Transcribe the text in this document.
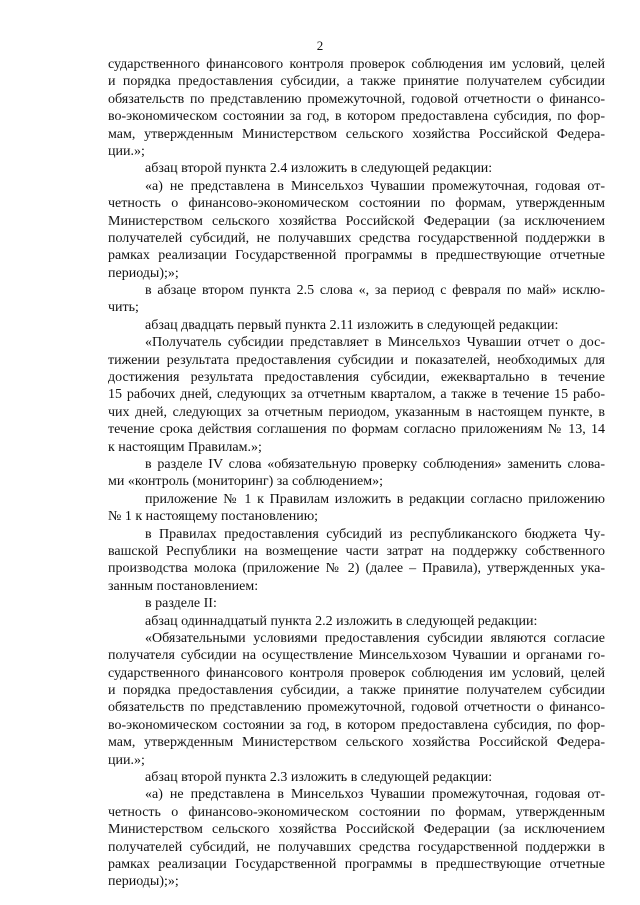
2
сударственного финансового контроля проверок соблюдения им условий, целей
и порядка предоставления субсидии, а также принятие получателем субсидии
обязательств по представлению промежуточной, годовой отчетности о финансо-
во-экономическом состоянии за год, в котором предоставлена субсидия, по фор-
мам, утвержденным Министерством сельского хозяйства Российской Федера-
ции.»;
абзац второй пункта 2.4 изложить в следующей редакции:
«а) не представлена в Минсельхоз Чувашии промежуточная, годовая от-
четность о финансово-экономическом состоянии по формам, утвержденным
Министерством сельского хозяйства Российской Федерации (за исключением
получателей субсидий, не получавших средства государственной поддержки в
рамках реализации Государственной программы в предшествующие отчетные
периоды);»;
в абзаце втором пункта 2.5 слова «, за период с февраля по май» исклю-
чить;
абзац двадцать первый пункта 2.11 изложить в следующей редакции:
«Получатель субсидии представляет в Минсельхоз Чувашии отчет о дос-
тижении результата предоставления субсидии и показателей, необходимых для
достижения результата предоставления субсидии, ежеквартально в течение
15 рабочих дней, следующих за отчетным кварталом, а также в течение 15 рабо-
чих дней, следующих за отчетным периодом, указанным в настоящем пункте, в
течение срока действия соглашения по формам согласно приложениям № 13, 14
к настоящим Правилам.»;
в разделе IV слова «обязательную проверку соблюдения» заменить слова-
ми «контроль (мониторинг) за соблюдением»;
приложение № 1 к Правилам изложить в редакции согласно приложению
№ 1 к настоящему постановлению;
в Правилах предоставления субсидий из республиканского бюджета Чу-
вашской Республики на возмещение части затрат на поддержку собственного
производства молока (приложение № 2) (далее – Правила), утвержденных ука-
занным постановлением:
в разделе II:
абзац одиннадцатый пункта 2.2 изложить в следующей редакции:
«Обязательными условиями предоставления субсидии являются согласие
получателя субсидии на осуществление Минсельхозом Чувашии и органами го-
сударственного финансового контроля проверок соблюдения им условий, целей
и порядка предоставления субсидии, а также принятие получателем субсидии
обязательств по представлению промежуточной, годовой отчетности о финансо-
во-экономическом состоянии за год, в котором предоставлена субсидия, по фор-
мам, утвержденным Министерством сельского хозяйства Российской Федера-
ции.»;
абзац второй пункта 2.3 изложить в следующей редакции:
«а) не представлена в Минсельхоз Чувашии промежуточная, годовая от-
четность о финансово-экономическом состоянии по формам, утвержденным
Министерством сельского хозяйства Российской Федерации (за исключением
получателей субсидий, не получавших средства государственной поддержки в
рамках реализации Государственной программы в предшествующие отчетные
периоды);»;
